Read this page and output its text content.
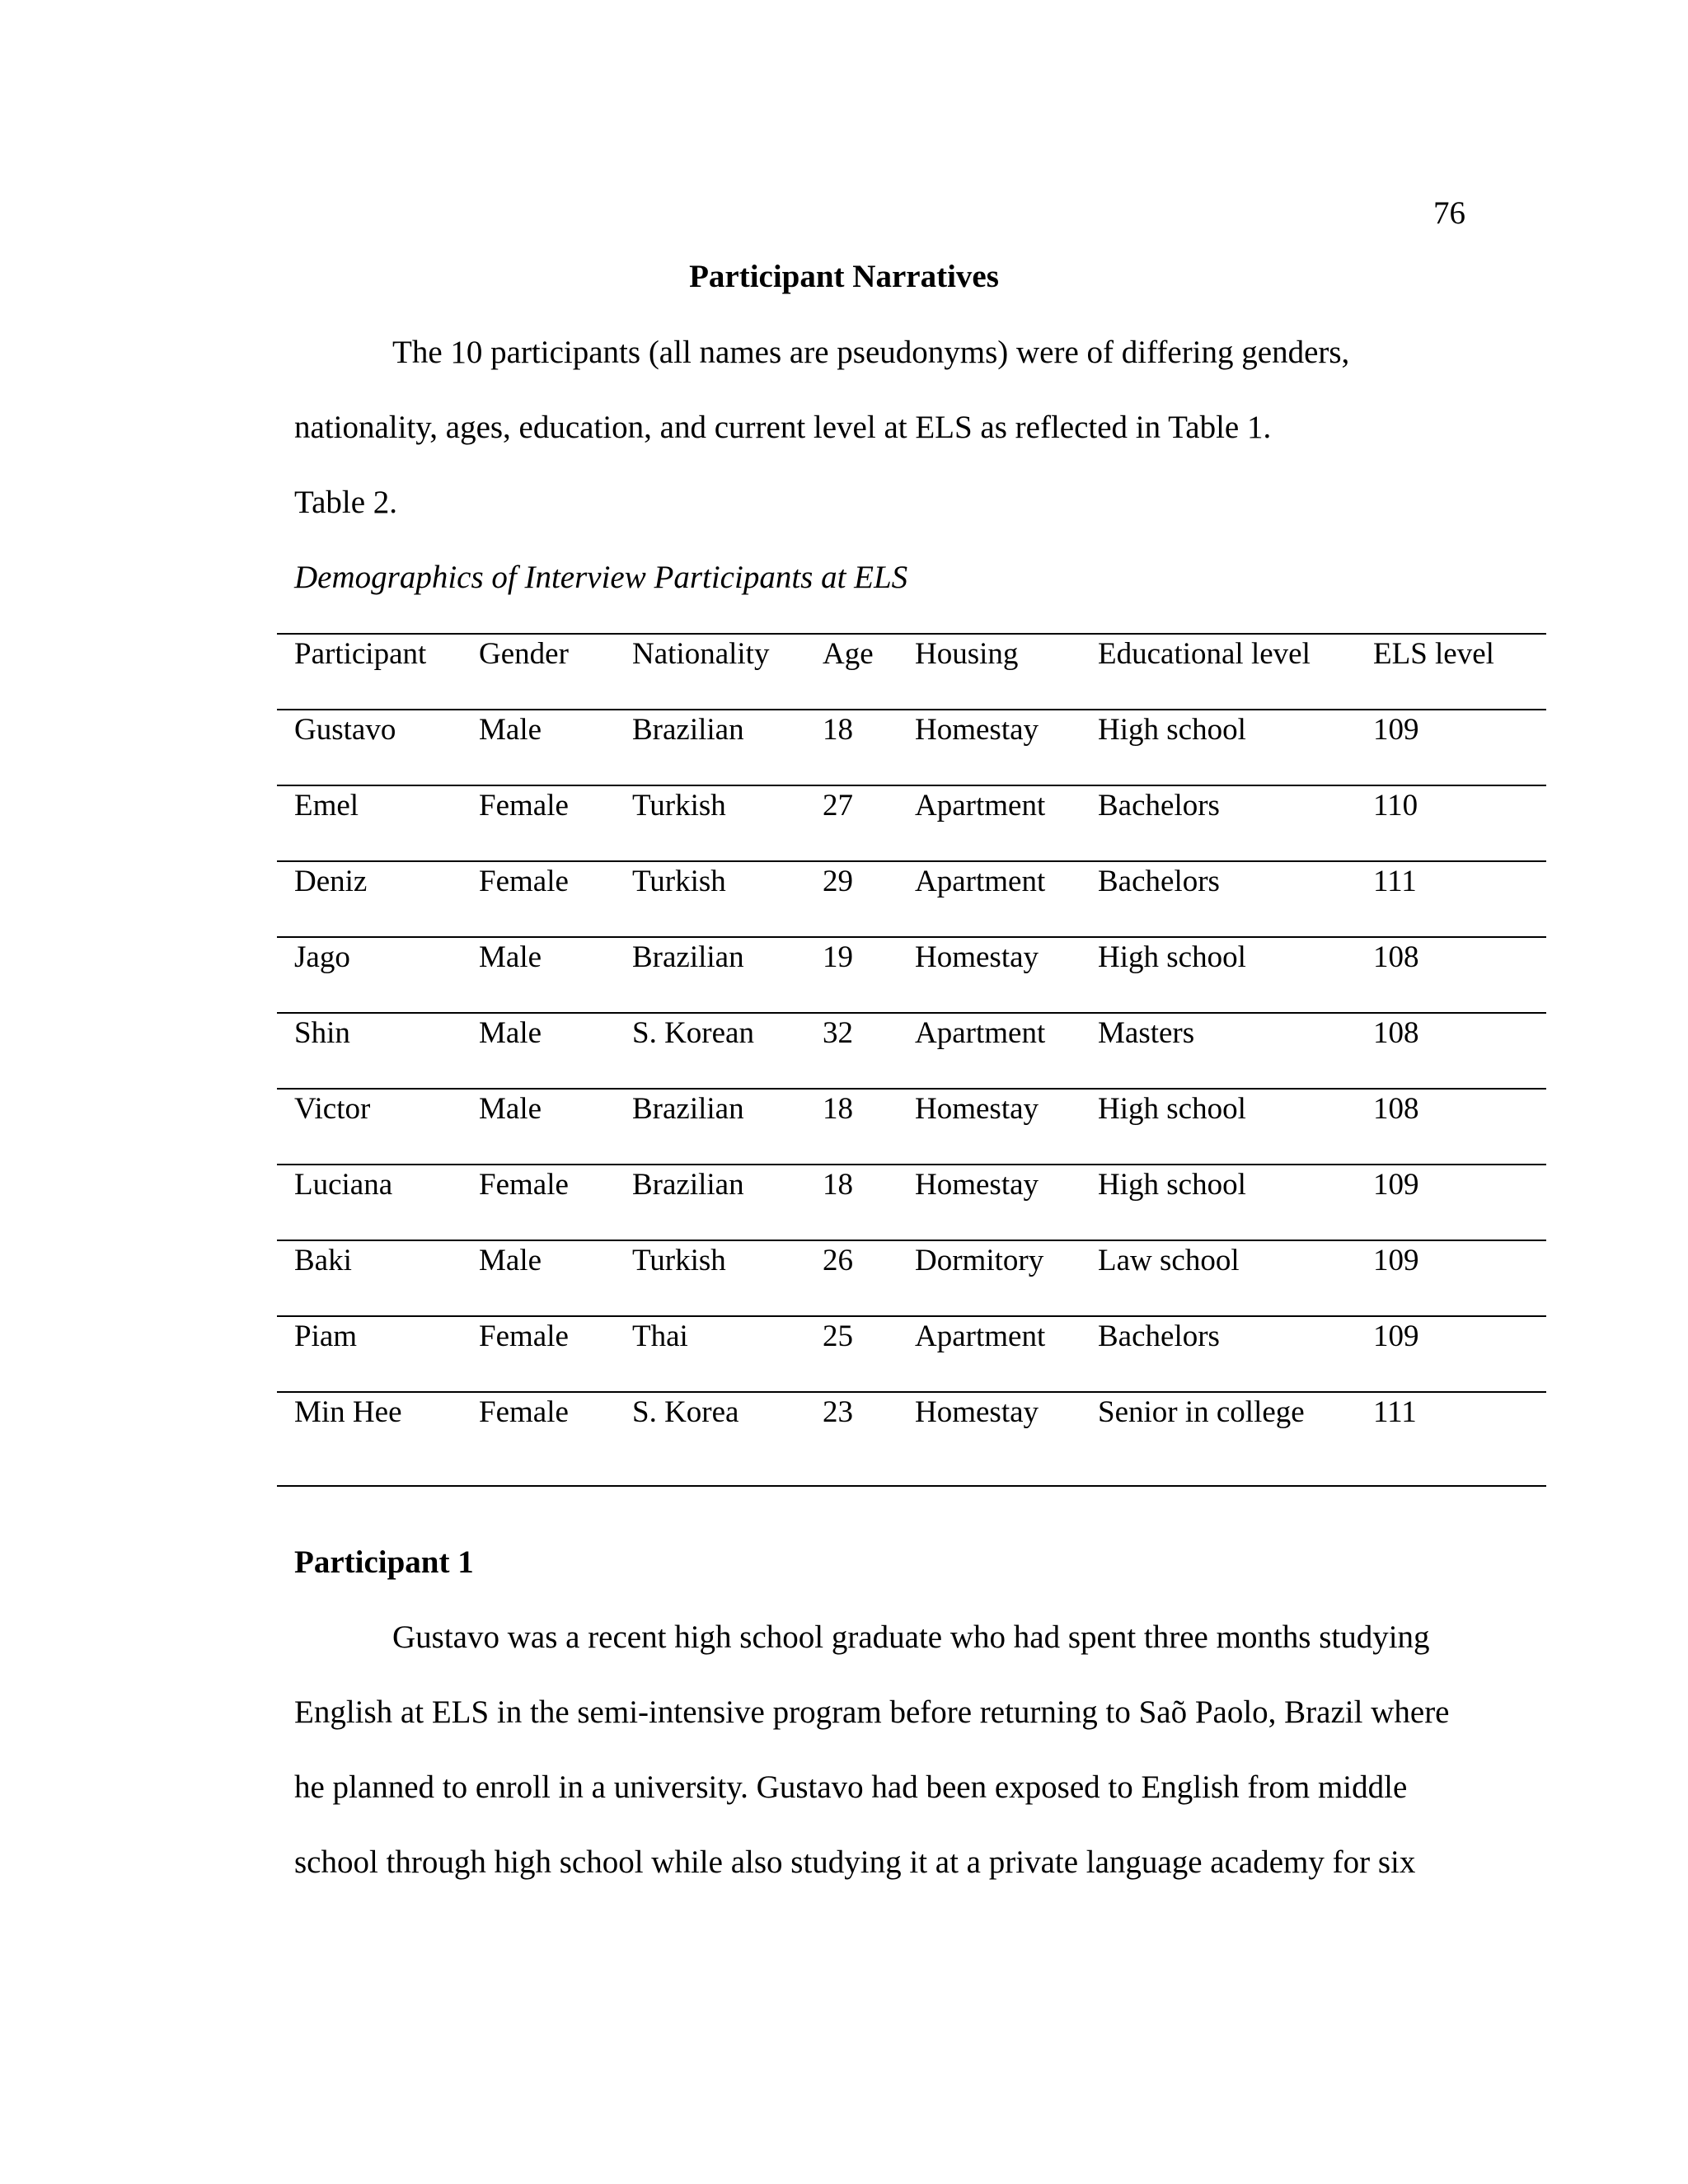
76
Participant Narratives
The 10 participants (all names are pseudonyms) were of differing genders,
nationality, ages, education, and current level at ELS as reflected in Table 1.
Table 2.
Demographics of Interview Participants at ELS
Participant	Gender	Nationality	Age	Housing	Educational level	ELS level
Gustavo	Male	Brazilian	18	Homestay	High school	109
Emel	Female	Turkish	27	Apartment	Bachelors	110
Deniz	Female	Turkish	29	Apartment	Bachelors	111
Jago	Male	Brazilian	19	Homestay	High school	108
Shin	Male	S. Korean	32	Apartment	Masters	108
Victor	Male	Brazilian	18	Homestay	High school	108
Luciana	Female	Brazilian	18	Homestay	High school	109
Baki	Male	Turkish	26	Dormitory	Law school	109
Piam	Female	Thai	25	Apartment	Bachelors	109
Min Hee	Female	S. Korea	23	Homestay	Senior in college	111
Participant 1
Gustavo was a recent high school graduate who had spent three months studying
English at ELS in the semi-intensive program before returning to Saõ Paolo, Brazil where
he planned to enroll in a university. Gustavo had been exposed to English from middle
school through high school while also studying it at a private language academy for six
